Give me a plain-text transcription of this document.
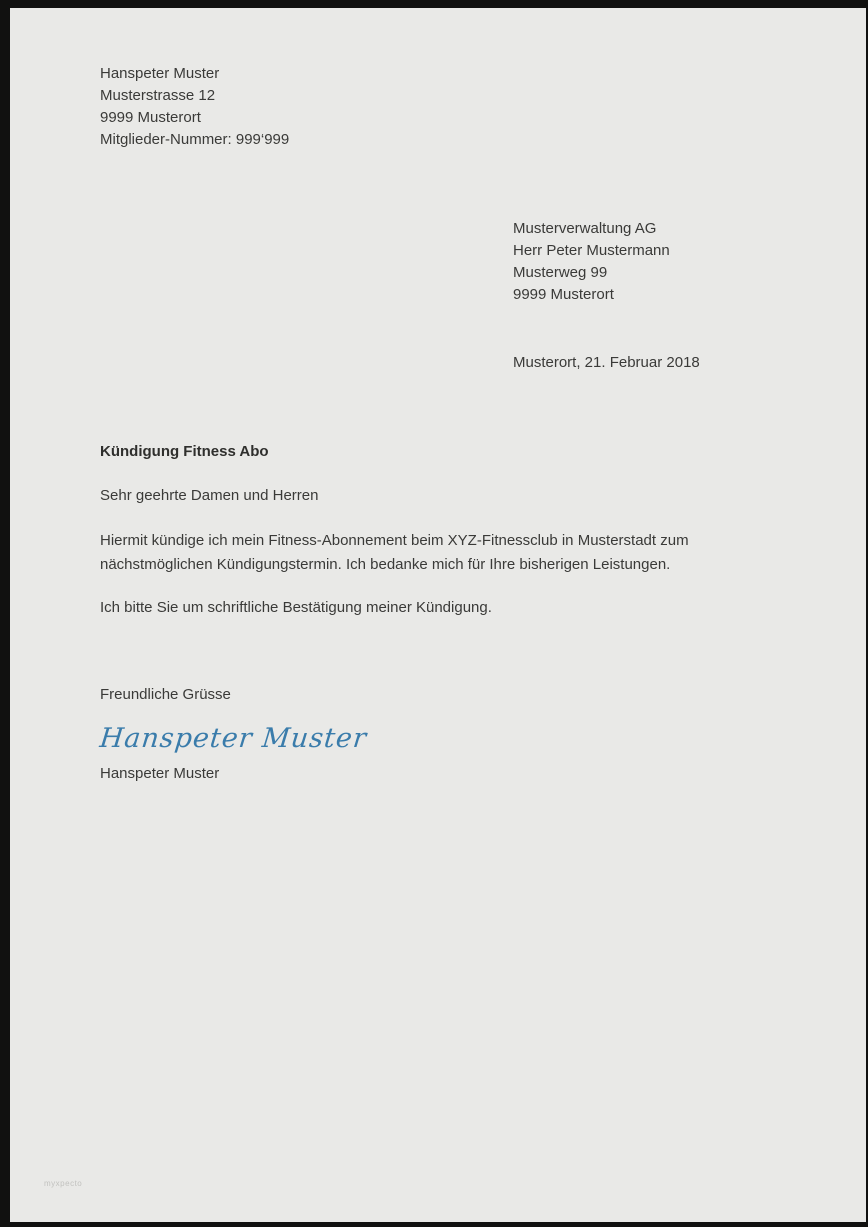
Hanspeter Muster
Musterstrasse 12
9999 Musterort
Mitglieder-Nummer: 999‘999
Musterverwaltung AG
Herr Peter Mustermann
Musterweg 99
9999 Musterort
Musterort, 21. Februar 2018
Kündigung Fitness Abo
Sehr geehrte Damen und Herren

Hiermit kündige ich mein Fitness-Abonnement beim XYZ-Fitnessclub in Musterstadt zum nächstmöglichen Kündigungstermin. Ich bedanke mich für Ihre bisherigen Leistungen.

Ich bitte Sie um schriftliche Bestätigung meiner Kündigung.

Freundliche Grüsse
Hanspeter Muster
Hanspeter Muster
myxpecto
